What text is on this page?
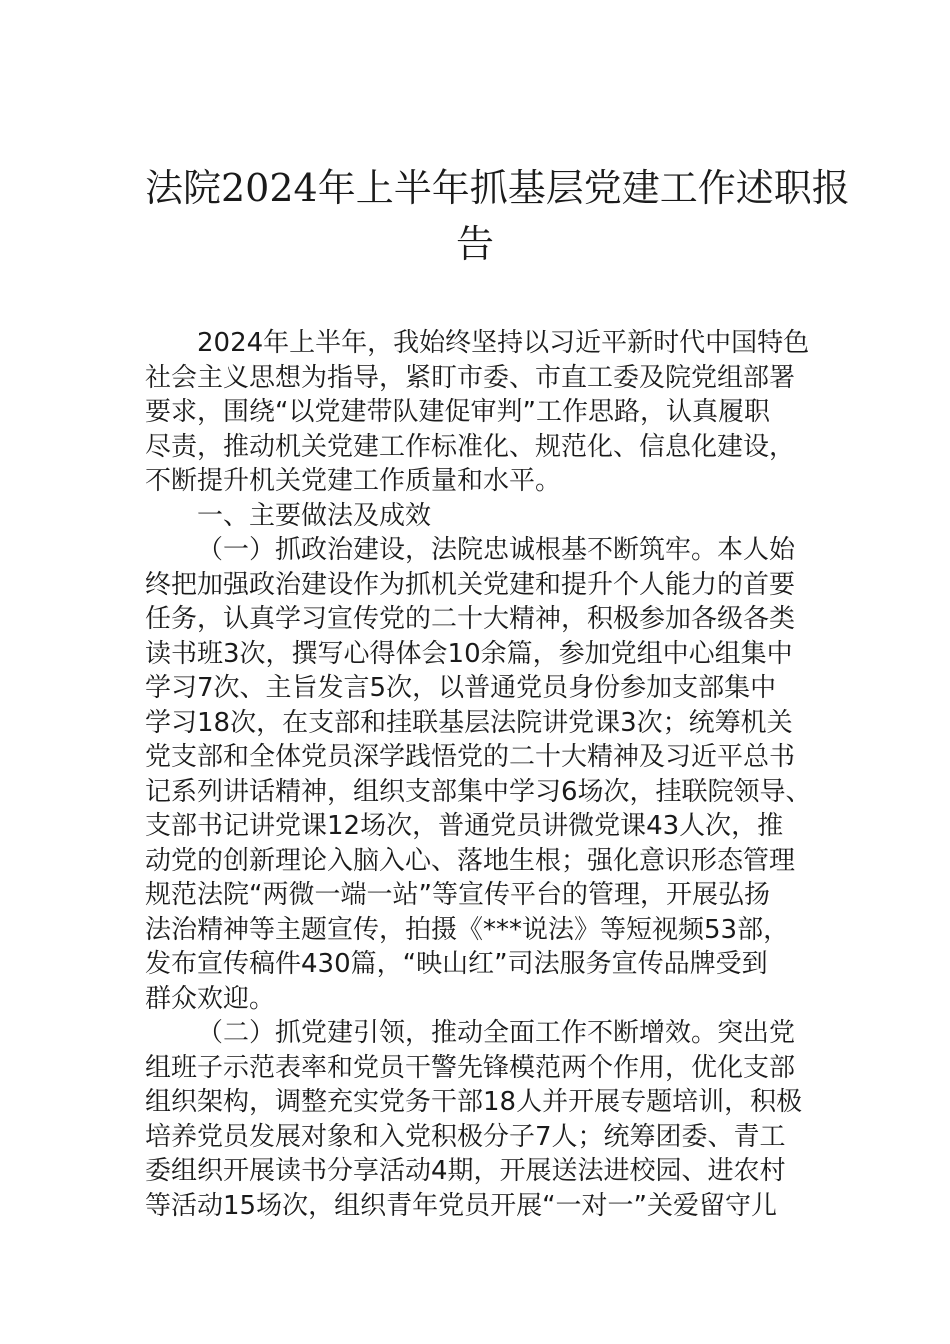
法院2024年上半年抓基层党建工作述职报
告
2024年上半年，我始终坚持以习近平新时代中国特色
社会主义思想为指导，紧盯市委、市直工委及院党组部署
要求，围绕“以党建带队建促审判”工作思路，认真履职
尽责，推动机关党建工作标准化、规范化、信息化建设，
不断提升机关党建工作质量和水平。
一、主要做法及成效
（一）抓政治建设，法院忠诚根基不断筑牢。本人始
终把加强政治建设作为抓机关党建和提升个人能力的首要
任务，认真学习宣传党的二十大精神，积极参加各级各类
读书班3次，撰写心得体会10余篇，参加党组中心组集中
学习7次、主旨发言5次，以普通党员身份参加支部集中
学习18次，在支部和挂联基层法院讲党课3次；统筹机关
党支部和全体党员深学践悟党的二十大精神及习近平总书
记系列讲话精神，组织支部集中学习6场次，挂联院领导、
支部书记讲党课12场次，普通党员讲微党课43人次，推
动党的创新理论入脑入心、落地生根；强化意识形态管理
规范法院“两微一端一站”等宣传平台的管理，开展弘扬
法治精神等主题宣传，拍摄《***说法》等短视频53部，
发布宣传稿件430篇，“映山红”司法服务宣传品牌受到
群众欢迎。
（二）抓党建引领，推动全面工作不断增效。突出党
组班子示范表率和党员干警先锋模范两个作用，优化支部
组织架构，调整充实党务干部18人并开展专题培训，积极
培养党员发展对象和入党积极分子7人；统筹团委、青工
委组织开展读书分享活动4期，开展送法进校园、进农村
等活动15场次，组织青年党员开展“一对一”关爱留守儿
